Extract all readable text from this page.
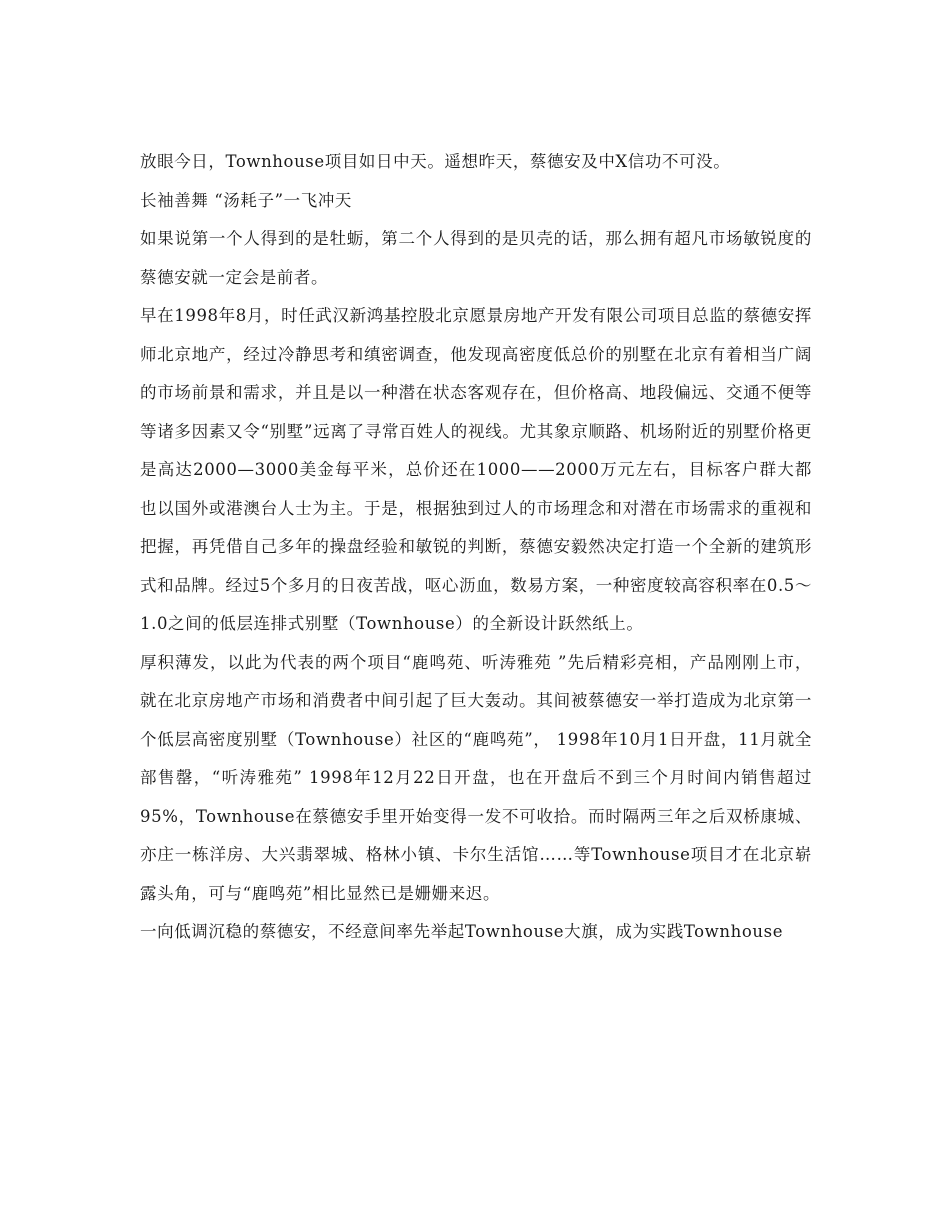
放眼今日，Townhouse项目如日中天。遥想昨天，蔡德安及中X信功不可没。

长袖善舞 “汤耗子”一飞冲天

如果说第一个人得到的是牡蛎，第二个人得到的是贝壳的话，那么拥有超凡市场敏锐度的蔡德安就一定会是前者。

早在1998年8月，时任武汉新鸿基控股北京愿景房地产开发有限公司项目总监的蔡德安挥师北京地产，经过冷静思考和缜密调查，他发现高密度低总价的别墅在北京有着相当广阔的市场前景和需求，并且是以一种潜在状态客观存在，但价格高、地段偏远、交通不便等等诸多因素又令“别墅”远离了寻常百姓人的视线。尤其象京顺路、机场附近的别墅价格更是高达2000—3000美金每平米，总价还在1000——2000万元左右，目标客户群大都也以国外或港澳台人士为主。于是，根据独到过人的市场理念和对潜在市场需求的重视和把握，再凭借自己多年的操盘经验和敏锐的判断，蔡德安毅然决定打造一个全新的建筑形式和品牌。经过5个多月的日夜苦战，呕心沥血，数易方案，一种密度较高容积率在0.5～1.0之间的低层连排式别墅（Townhouse）的全新设计跃然纸上。

厚积薄发，以此为代表的两个项目“鹿鸣苑、听涛雅苑 ”先后精彩亮相，产品刚刚上市，就在北京房地产市场和消费者中间引起了巨大轰动。其间被蔡德安一举打造成为北京第一个低层高密度别墅（Townhouse）社区的“鹿鸣苑”， 1998年10月1日开盘，11月就全部售罄，“听涛雅苑” 1998年12月22日开盘，也在开盘后不到三个月时间内销售超过95%，Townhouse在蔡德安手里开始变得一发不可收拾。而时隔两三年之后双桥康城、亦庄一栋洋房、大兴翡翠城、格林小镇、卡尔生活馆……等Townhouse项目才在北京崭露头角，可与“鹿鸣苑”相比显然已是姗姗来迟。

一向低调沉稳的蔡德安，不经意间率先举起Townhouse大旗，成为实践Townhouse
